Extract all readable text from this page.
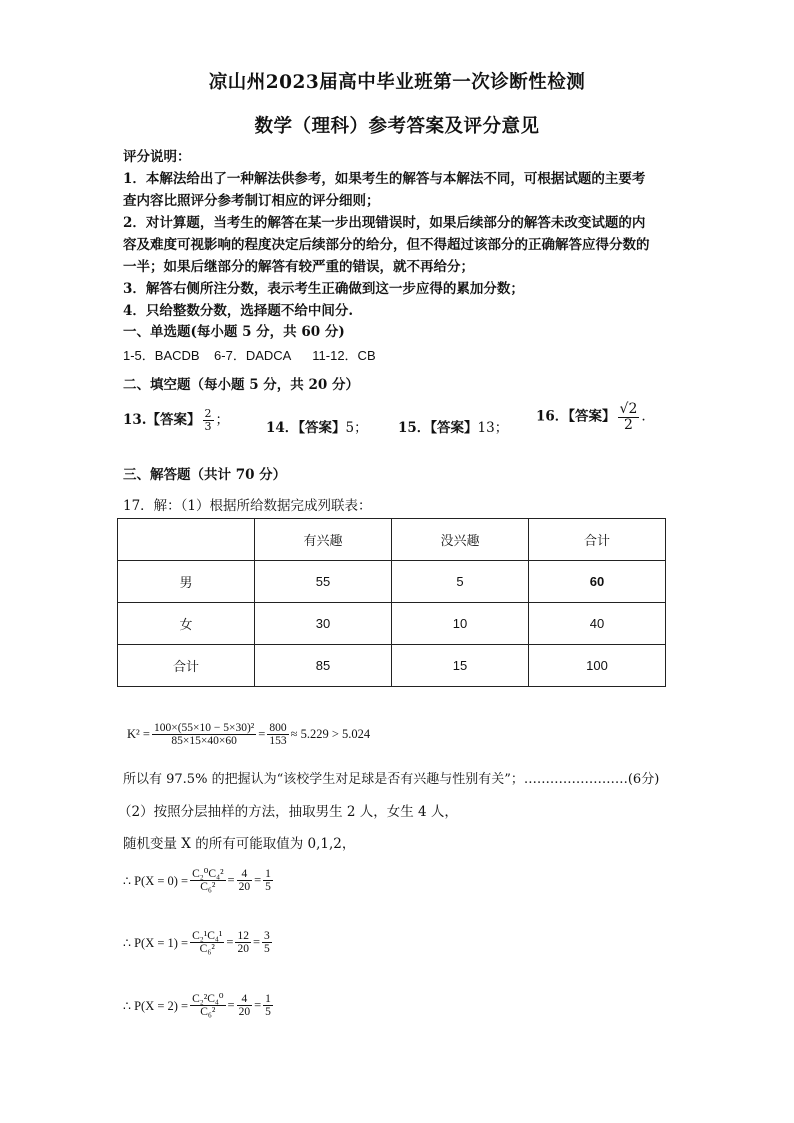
凉山州2023届高中毕业班第一次诊断性检测
数学（理科）参考答案及评分意见
评分说明：
1．本解法给出了一种解法供参考，如果考生的解答与本解法不同，可根据试题的主要考
查内容比照评分参考制订相应的评分细则；
2．对计算题，当考生的解答在某一步出现错误时，如果后续部分的解答未改变试题的内
容及难度可视影响的程度决定后续部分的给分，但不得超过该部分的正确解答应得分数的
一半；如果后继部分的解答有较严重的错误，就不再给分；
3．解答右侧所注分数，表示考生正确做到这一步应得的累加分数；
4．只给整数分数，选择题不给中间分.
一、单选题(每小题 5 分，共 60 分)
1-5．BACDB    6-7．DADCA      11-12．CB
二、填空题（每小题 5 分，共 20 分）
13.【答案】 $\frac{2}{3}$ ；	14．【答案】5； 15．【答案】13；
16．【答案】 $\frac{√2}{2}$ .
三、解答题（共计 70 分）
17．解：（1）根据所给数据完成列联表：
	有兴趣	没兴趣	合计
男	55	5	60
女	30	10	40
合计	85	15	100
$K^2 = \frac{\text{100×(55×10 − 5×30)²}}{85\times 15\times 40\times 60} = \frac{800}{153} \approx 5.229 > 5.024$
所以有 97.5% 的把握认为“该校学生对足球是否有兴趣与性别有关”；……………………(6分)
（2）按照分层抽样的方法，抽取男生 2 人，女生 4 人，
随机变量 X 的所有可能取值为 0,1,2，
∴ $P(X = 0) = \frac{\text{C₂⁰C₄²}}{\text{C₆²}} = \frac{4}{20} = \frac{1}{5}$
∴ $P(X = 1) = \frac{\text{C₂¹C₄¹}}{\text{C₆²}} = \frac{12}{20} = \frac{3}{5}$
∴ $P(X = 2) = \frac{\text{C₂²C₄⁰}}{\text{C₆²}} = \frac{4}{20} = \frac{1}{5}$
